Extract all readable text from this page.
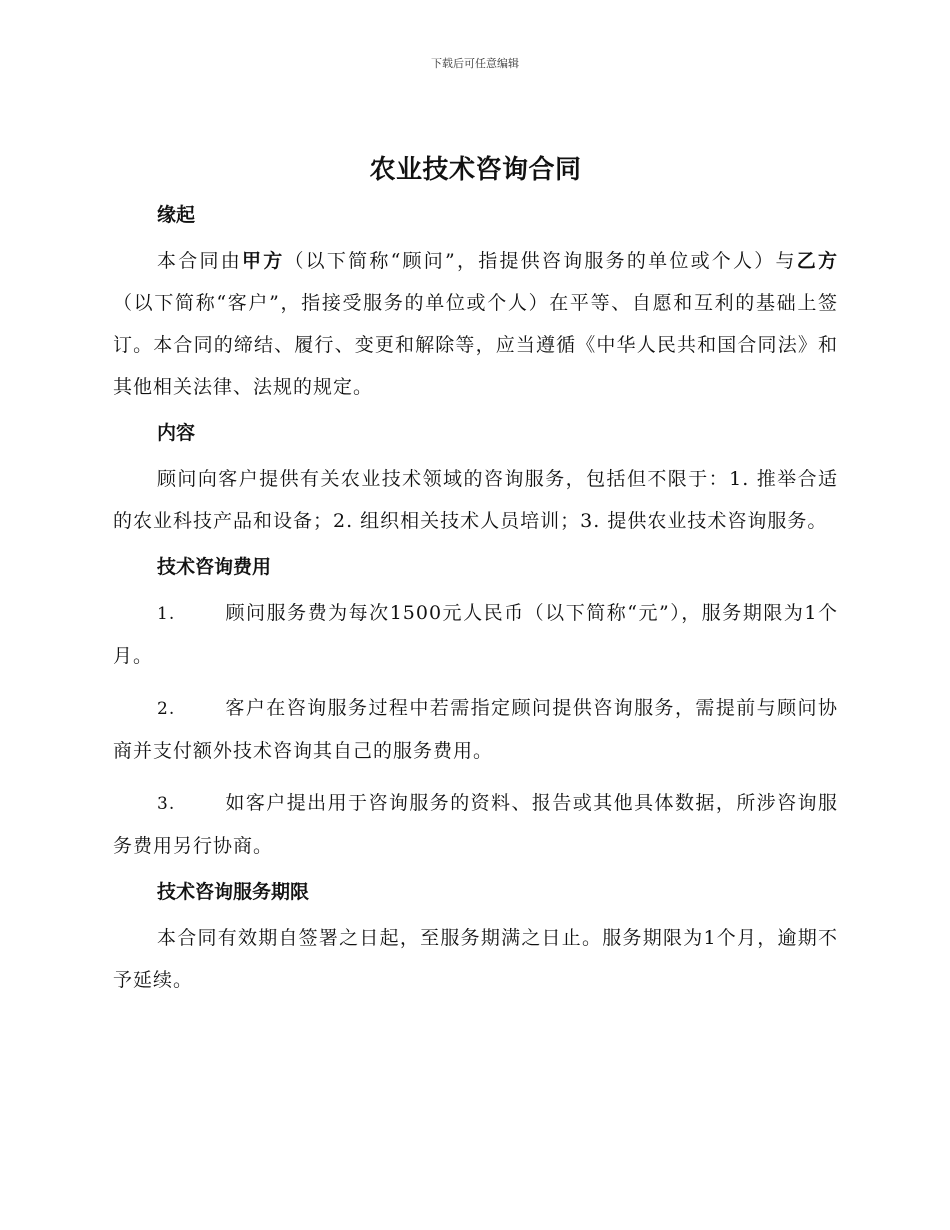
下载后可任意编辑
农业技术咨询合同
缘起

本合同由甲方（以下简称“顾问”，指提供咨询服务的单位或个人）与乙方（以下简称“客户”，指接受服务的单位或个人）在平等、自愿和互利的基础上签订。本合同的缔结、履行、变更和解除等，应当遵循《中华人民共和国合同法》和其他相关法律、法规的规定。

内容

顾问向客户提供有关农业技术领域的咨询服务，包括但不限于：1. 推举合适的农业科技产品和设备；2. 组织相关技术人员培训；3. 提供农业技术咨询服务。

技术咨询费用

1.	顾问服务费为每次1500元人民币（以下简称“元”），服务期限为1个月。

2.	客户在咨询服务过程中若需指定顾问提供咨询服务，需提前与顾问协商并支付额外技术咨询其自己的服务费用。

3.	如客户提出用于咨询服务的资料、报告或其他具体数据，所涉咨询服务费用另行协商。

技术咨询服务期限

本合同有效期自签署之日起，至服务期满之日止。服务期限为1个月，逾期不予延续。
